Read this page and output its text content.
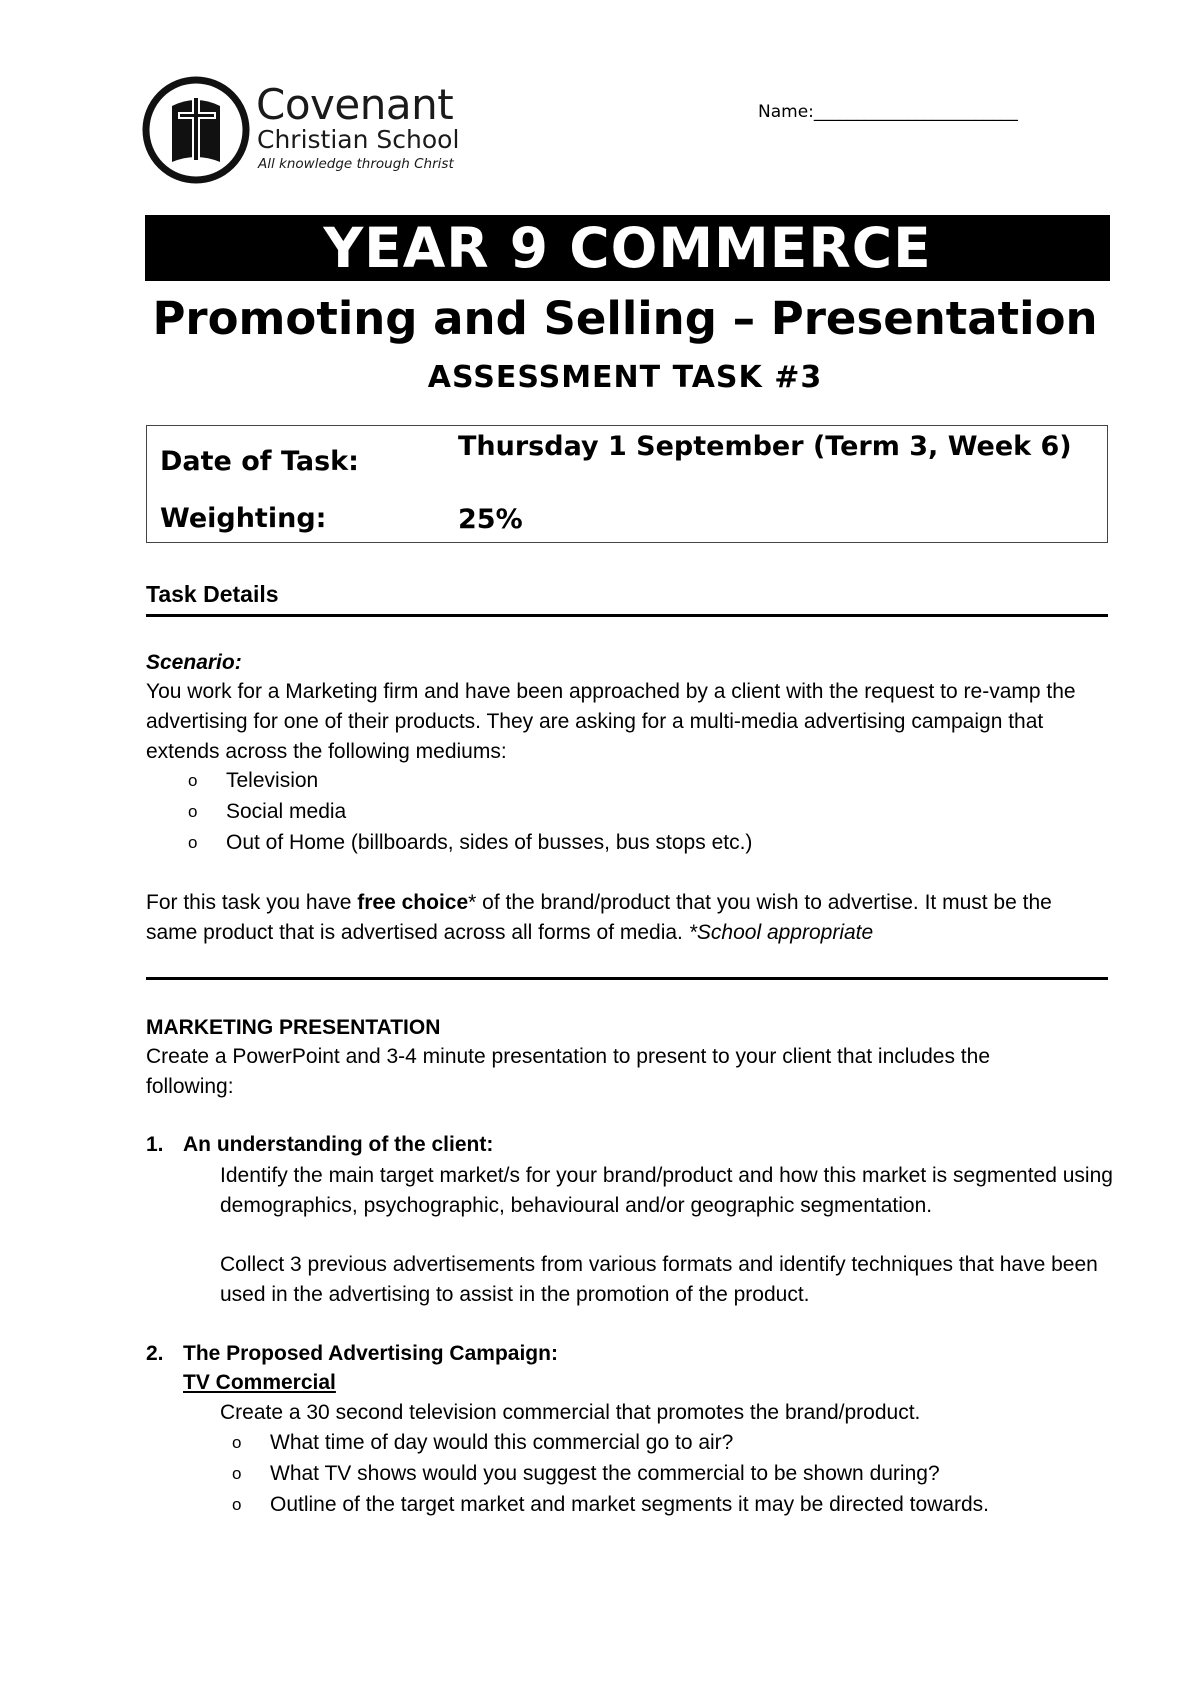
Covenant
Christian School
All knowledge through Christ
Name:________________________
YEAR 9 COMMERCE
Promoting and Selling – Presentation
ASSESSMENT TASK #3
Date of Task:	Thursday 1 September (Term 3, Week 6)
Weighting:	25%
Task Details
Scenario:
You work for a Marketing firm and have been approached by a client with the request to re-vamp the advertising for one of their products. They are asking for a multi-media advertising campaign that extends across the following mediums:
o Television
o Social media
o Out of Home (billboards, sides of busses, bus stops etc.)
For this task you have free choice* of the brand/product that you wish to advertise. It must be the same product that is advertised across all forms of media. *School appropriate
MARKETING PRESENTATION
Create a PowerPoint and 3-4 minute presentation to present to your client that includes the following:
1. An understanding of the client:
Identify the main target market/s for your brand/product and how this market is segmented using demographics, psychographic, behavioural and/or geographic segmentation.
Collect 3 previous advertisements from various formats and identify techniques that have been used in the advertising to assist in the promotion of the product.
2. The Proposed Advertising Campaign:
TV Commercial
Create a 30 second television commercial that promotes the brand/product.
o What time of day would this commercial go to air?
o What TV shows would you suggest the commercial to be shown during?
o Outline of the target market and market segments it may be directed towards.
